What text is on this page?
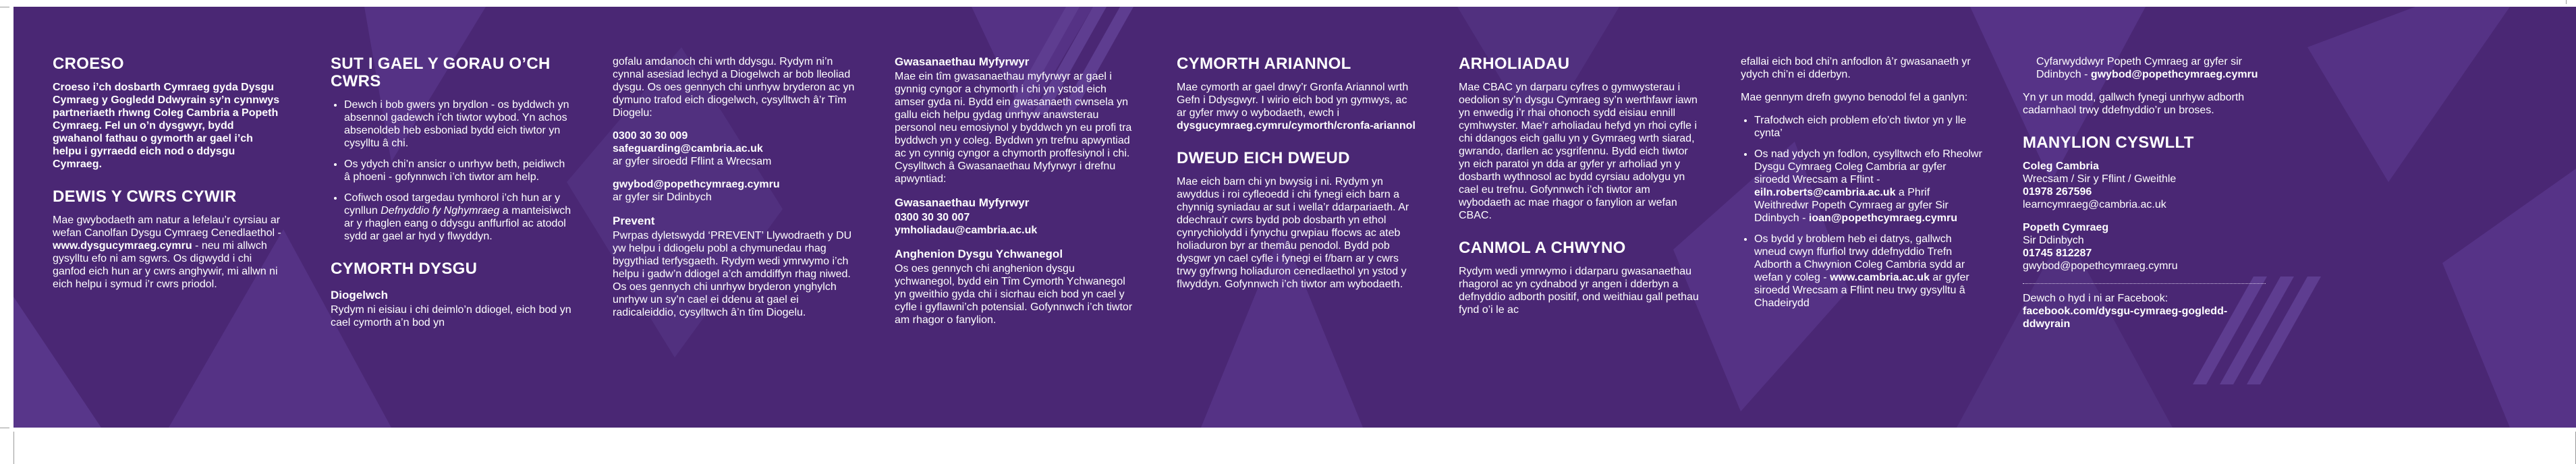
CROESO

Croeso i’ch dosbarth Cymraeg gyda Dysgu Cymraeg y Gogledd Ddwyrain sy’n cynnwys partneriaeth rhwng Coleg Cambria a Popeth Cymraeg. Fel un o’n dysgwyr, bydd gwahanol fathau o gymorth ar gael i’ch helpu i gyrraedd eich nod o ddysgu Cymraeg.

DEWIS Y CWRS CYWIR

Mae gwybodaeth am natur a lefelau’r cyrsiau ar wefan Canolfan Dysgu Cymraeg Cenedlaethol - www.dysgucymraeg.cymru - neu mi allwch gysylltu efo ni am sgwrs. Os digwydd i chi ganfod eich hun ar y cwrs anghywir, mi allwn ni eich helpu i symud i’r cwrs priodol.

SUT I GAEL Y GORAU O’CH CWRS
• Dewch i bob gwers yn brydlon - os byddwch yn absennol gadewch i’ch tiwtor wybod. Yn achos absenoldeb heb esboniad bydd eich tiwtor yn cysylltu â chi.
• Os ydych chi’n ansicr o unrhyw beth, peidiwch â phoeni - gofynnwch i’ch tiwtor am help.
• Cofiwch osod targedau tymhorol i’ch hun ar y cynllun Defnyddio fy Nghymraeg a manteisiwch ar y rhaglen eang o ddysgu anffurfiol ac atodol sydd ar gael ar hyd y flwyddyn.
CYMORTH DYSGU
Diogelwch

Rydym ni eisiau i chi deimlo’n ddiogel, eich bod yn cael cymorth a’n bod yn

gofalu amdanoch chi wrth ddysgu. Rydym ni’n cynnal asesiad lechyd a Diogelwch ar bob lleoliad dysgu. Os oes gennych chi unrhyw bryderon ac yn dymuno trafod eich diogelwch, cysylltwch â’r Tîm Diogelu:

0300 30 30 009
safeguarding@cambria.ac.uk
ar gyfer siroedd Fflint a Wrecsam

gwybod@popethcymraeg.cymru
ar gyfer sir Ddinbych

Prevent

Pwrpas dyletswydd ‘PREVENT’ Llywodraeth y DU yw helpu i ddiogelu pobl a chymunedau rhag bygythiad terfysgaeth. Rydym wedi ymrwymo i’ch helpu i gadw’n ddiogel a’ch amddiffyn rhag niwed. Os oes gennych chi unrhyw bryderon ynghylch unrhyw un sy’n cael ei ddenu at gael ei radicaleiddio, cysylltwch â’n tîm Diogelu.

Gwasanaethau Myfyrwyr

Mae ein tîm gwasanaethau myfyrwyr ar gael i gynnig cyngor a chymorth i chi yn ystod eich amser gyda ni. Bydd ein gwasanaeth cwnsela yn gallu eich helpu gydag unrhyw anawsterau personol neu emosiynol y byddwch yn eu profi tra byddwch yn y coleg. Byddwn yn trefnu apwyntiad ac yn cynnig cyngor a chymorth proffesiynol i chi. Cysylltwch â Gwasanaethau Myfyrwyr i drefnu apwyntiad:

Gwasanaethau Myfyrwyr

0300 30 30 007
ymholiadau@cambria.ac.uk

Anghenion Dysgu Ychwanegol

Os oes gennych chi anghenion dysgu ychwanegol, bydd ein Tîm Cymorth Ychwanegol yn gweithio gyda chi i sicrhau eich bod yn cael y cyfle i gyflawni’ch potensial. Gofynnwch i’ch tiwtor am rhagor o fanylion.

CYMORTH ARIANNOL

Mae cymorth ar gael drwy’r Gronfa Ariannol wrth Gefn i Ddysgwyr. I wirio eich bod yn gymwys, ac ar gyfer mwy o wybodaeth, ewch i
dysgucymraeg.cymru/cymorth/cronfa-ariannol

DWEUD EICH DWEUD

Mae eich barn chi yn bwysig i ni. Rydym yn awyddus i roi cyfleoedd i chi fynegi eich barn a chynnig syniadau ar sut i wella’r ddarpariaeth. Ar ddechrau’r cwrs bydd pob dosbarth yn ethol cynrychiolydd i fynychu grwpiau ffocws ac ateb holiaduron byr ar themâu penodol. Bydd pob dysgwr yn cael cyfle i fynegi ei f/barn ar y cwrs trwy gyfrwng holiaduron cenedlaethol yn ystod y flwyddyn. Gofynnwch i’ch tiwtor am wybodaeth.

ARHOLIADAU

Mae CBAC yn darparu cyfres o gymwysterau i oedolion sy’n dysgu Cymraeg sy’n werthfawr iawn yn enwedig i’r rhai ohonoch sydd eisiau ennill cymhwyster. Mae’r arholiadau hefyd yn rhoi cyfle i chi ddangos eich gallu yn y Gymraeg wrth siarad, gwrando, darllen ac ysgrifennu. Bydd eich tiwtor yn eich paratoi yn dda ar gyfer yr arholiad yn y dosbarth wythnosol ac bydd cyrsiau adolygu yn cael eu trefnu. Gofynnwch i’ch tiwtor am wybodaeth ac mae rhagor o fanylion ar wefan CBAC.

CANMOL A CHWYNO

Rydym wedi ymrwymo i ddarparu gwasanaethau rhagorol ac yn cydnabod yr angen i dderbyn a defnyddio adborth positif, ond weithiau gall pethau fynd o’i le ac

efallai eich bod chi’n anfodlon â’r gwasanaeth yr ydych chi’n ei dderbyn.

Mae gennym drefn gwyno benodol fel a ganlyn:

• Trafodwch eich problem efo’ch tiwtor yn y lle cynta’
• Os nad ydych yn fodlon, cysylltwch efo Rheolwr Dysgu Cymraeg Coleg Cambria ar gyfer siroedd Wrecsam a Fflint - eiln.roberts@cambria.ac.uk a Phrif Weithredwr Popeth Cymraeg ar gyfer Sir Ddinbych - ioan@popethcymraeg.cymru
• Os bydd y broblem heb ei datrys, gallwch wneud cwyn ffurfiol trwy ddefnyddio Trefn Adborth a Chwynion Coleg Cambria sydd ar wefan y coleg - www.cambria.ac.uk ar gyfer siroedd Wrecsam a Fflint neu trwy gysylltu â Chadeirydd

Cyfarwyddwyr Popeth Cymraeg ar gyfer sir Ddinbych - gwybod@popethcymraeg.cymru

Yn yr un modd, gallwch fynegi unrhyw adborth cadarnhaol trwy ddefnyddio’r un broses.

MANYLION CYSWLLT

Coleg Cambria
Wrecsam / Sir y Fflint / Gweithle
01978 267596
learncymraeg@cambria.ac.uk

Popeth Cymraeg
Sir Ddinbych
01745 812287
gwybod@popethcymraeg.cymru

Dewch o hyd i ni ar Facebook:
facebook.com/dysgu-cymraeg-gogledd-ddwyrain
